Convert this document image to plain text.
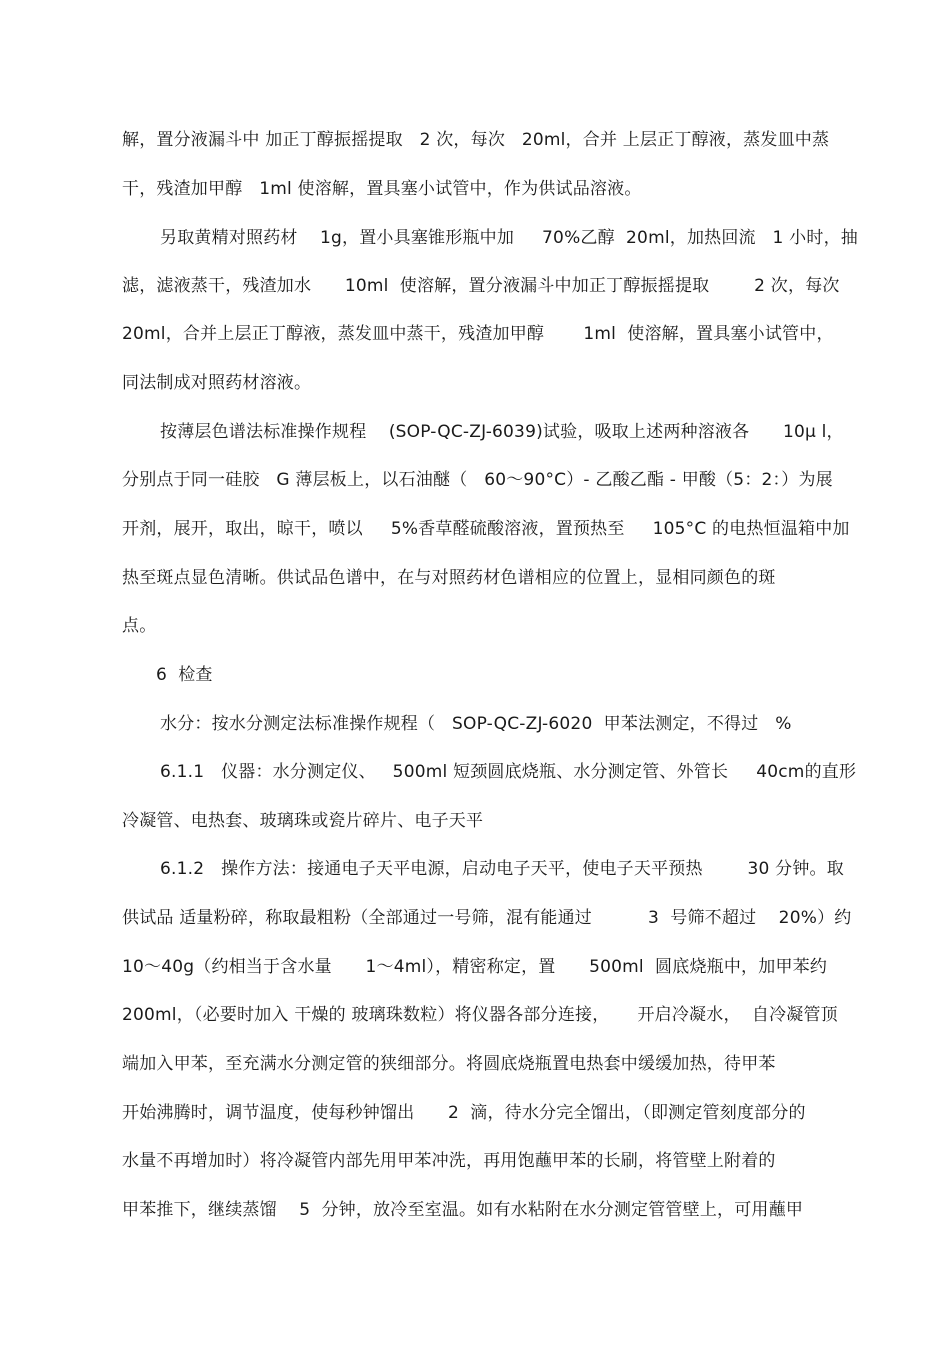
解，置分液漏斗中 加正丁醇振摇提取   2 次，每次   20ml，合并 上层正丁醇液，蒸发皿中蒸
干，残渣加甲醇   1ml 使溶解，置具塞小试管中，作为供试品溶液。
另取黄精对照药材    1g，置小具塞锥形瓶中加     70%乙醇  20ml，加热回流   1 小时，抽
滤，滤液蒸干，残渣加水      10ml  使溶解，置分液漏斗中加正丁醇振摇提取        2 次，每次
20ml，合并上层正丁醇液，蒸发皿中蒸干，残渣加甲醇       1ml  使溶解，置具塞小试管中，
同法制成对照药材溶液。
按薄层色谱法标准操作规程    (SOP-QC-ZJ-6039)试验，吸取上述两种溶液各      10μ l，
分别点于同一硅胶   G 薄层板上，以石油醚（   60～90°C）- 乙酸乙酯 - 甲酸（5：2：）为展
开剂，展开，取出，晾干，喷以     5%香草醛硫酸溶液，置预热至     105°C 的电热恒温箱中加
热至斑点显色清晰。供试品色谱中，在与对照药材色谱相应的位置上，显相同颜色的斑
点。
6  检查
水分：按水分测定法标准操作规程（   SOP-QC-ZJ-6020  甲苯法测定，不得过   %
6.1.1   仪器：水分测定仪、   500ml 短颈圆底烧瓶、水分测定管、外管长     40cm的直形
冷凝管、电热套、玻璃珠或瓷片碎片、电子天平
6.1.2   操作方法：接通电子天平电源，启动电子天平，使电子天平预热        30 分钟。取
供试品 适量粉碎，称取最粗粉（全部通过一号筛，混有能通过          3  号筛不超过    20%）约
10～40g（约相当于含水量      1～4ml），精密称定，置      500ml  圆底烧瓶中，加甲苯约
200ml，（必要时加入 干燥的 玻璃珠数粒）将仪器各部分连接，     开启冷凝水，  自冷凝管顶
端加入甲苯，至充满水分测定管的狭细部分。将圆底烧瓶置电热套中缓缓加热，待甲苯
开始沸腾时，调节温度，使每秒钟馏出      2  滴，待水分完全馏出，（即测定管刻度部分的
水量不再增加时）将冷凝管内部先用甲苯冲洗，再用饱蘸甲苯的长刷，将管壁上附着的
甲苯推下，继续蒸馏    5  分钟，放冷至室温。如有水粘附在水分测定管管壁上，可用蘸甲
